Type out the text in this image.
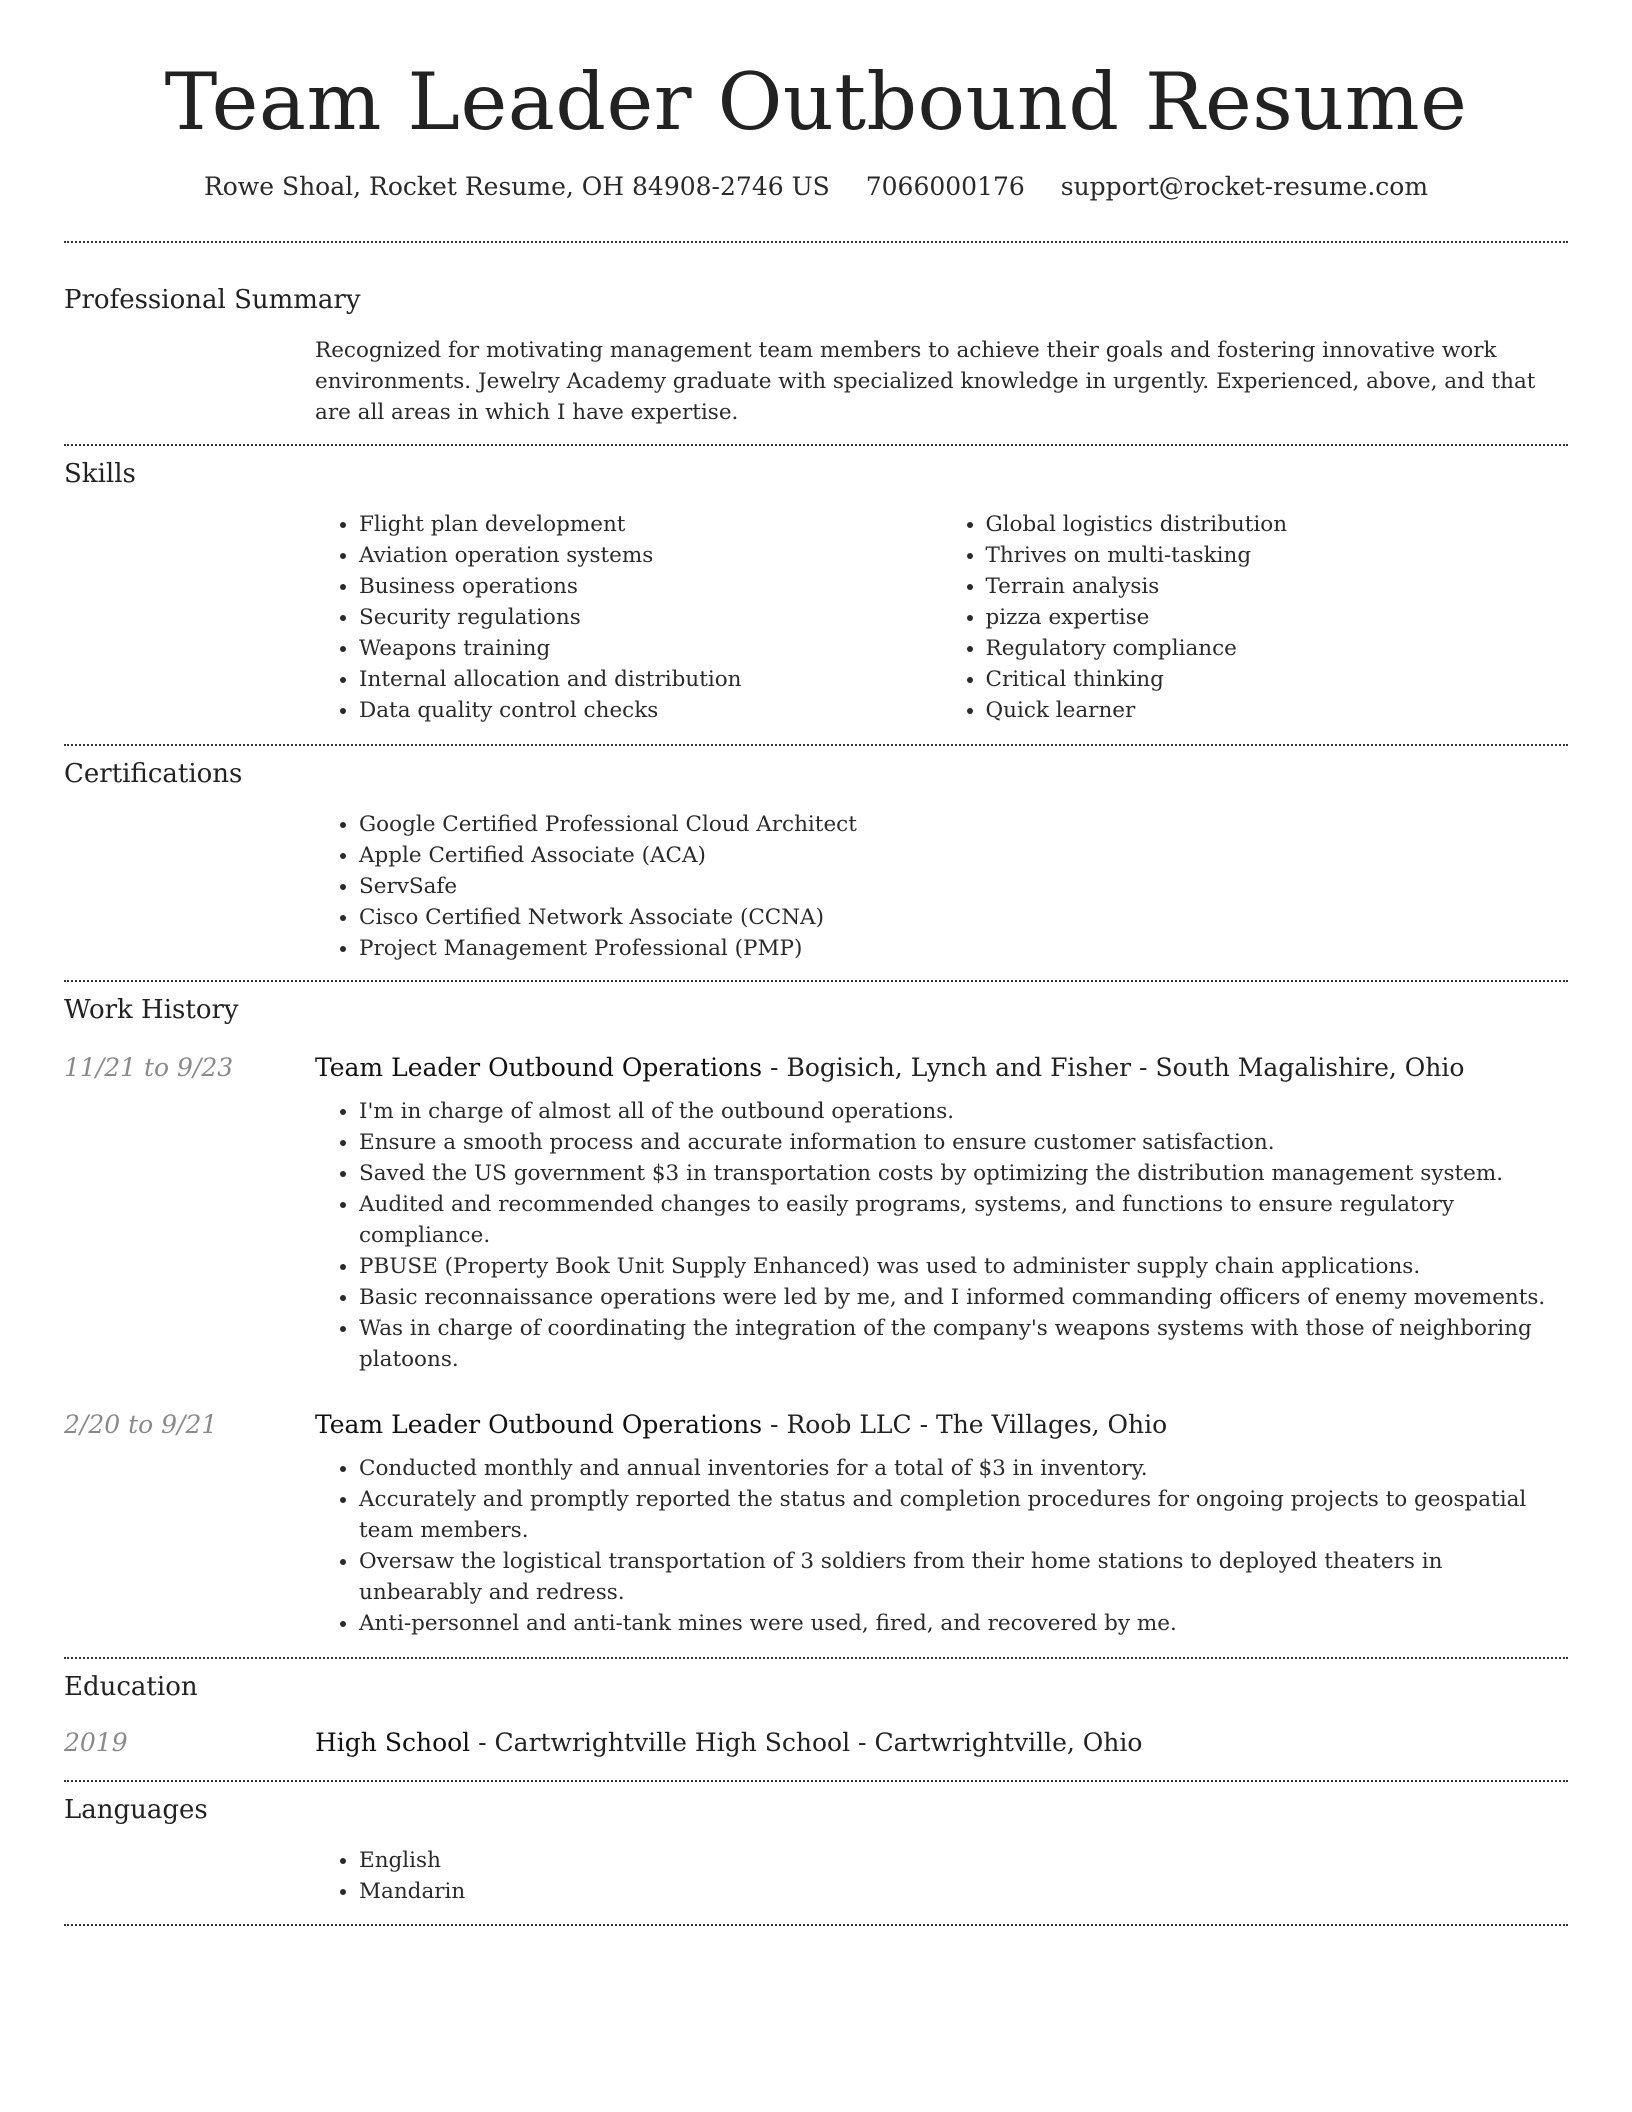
Team Leader Outbound Resume
Rowe Shoal, Rocket Resume, OH 84908-2746 US 7066000176 support@rocket-resume.com
Professional Summary

Recognized for motivating management team members to achieve their goals and fostering innovative work environments. Jewelry Academy graduate with specialized knowledge in urgently. Experienced, above, and that are all areas in which I have expertise.

Skills
• Flight plan development
• Aviation operation systems
• Business operations
• Security regulations
• Weapons training
• Internal allocation and distribution
• Data quality control checks
• Global logistics distribution
• Thrives on multi-tasking
• Terrain analysis
• pizza expertise
• Regulatory compliance
• Critical thinking
• Quick learner
Certifications
• Google Certified Professional Cloud Architect
• Apple Certified Associate (ACA)
• ServSafe
• Cisco Certified Network Associate (CCNA)
• Project Management Professional (PMP)
Work History
11/21 to 9/23	Team Leader Outbound Operations - Bogisich, Lynch and Fisher - South Magalishire, Ohio
• I'm in charge of almost all of the outbound operations.
• Ensure a smooth process and accurate information to ensure customer satisfaction.
• Saved the US government $3 in transportation costs by optimizing the distribution management system.
• Audited and recommended changes to easily programs, systems, and functions to ensure regulatory compliance.
• PBUSE (Property Book Unit Supply Enhanced) was used to administer supply chain applications.
• Basic reconnaissance operations were led by me, and I informed commanding officers of enemy movements.
• Was in charge of coordinating the integration of the company's weapons systems with those of neighboring platoons.
2/20 to 9/21	Team Leader Outbound Operations - Roob LLC - The Villages, Ohio
• Conducted monthly and annual inventories for a total of $3 in inventory.
• Accurately and promptly reported the status and completion procedures for ongoing projects to geospatial team members.
• Oversaw the logistical transportation of 3 soldiers from their home stations to deployed theaters in unbearably and redress.
• Anti-personnel and anti-tank mines were used, fired, and recovered by me.
Education
2019	High School - Cartwrightville High School - Cartwrightville, Ohio
Languages
• English
• Mandarin
